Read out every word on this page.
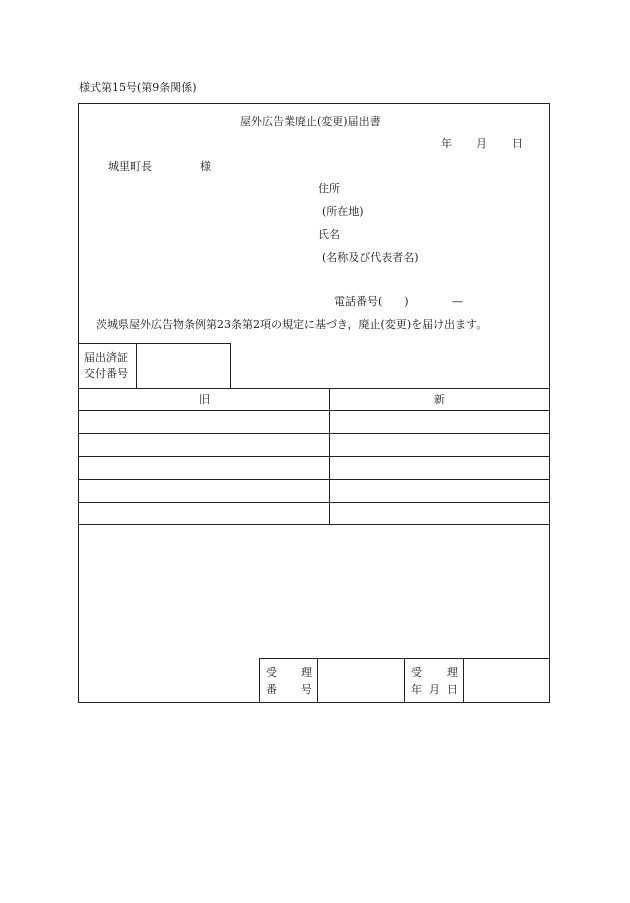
様式第15号(第9条関係)
屋外広告業廃止(変更)届出書
年 月 日
城里町長	様
住所
(所在地)
氏名
(名称及び代表者名)
電話番号(　　)	—
茨城県屋外広告物条例第23条第2項の規定に基づき，廃止(変更)を届け出ます。
届出済証
交付番号
旧	新
受 理
番 号
受 理
年 月 日
